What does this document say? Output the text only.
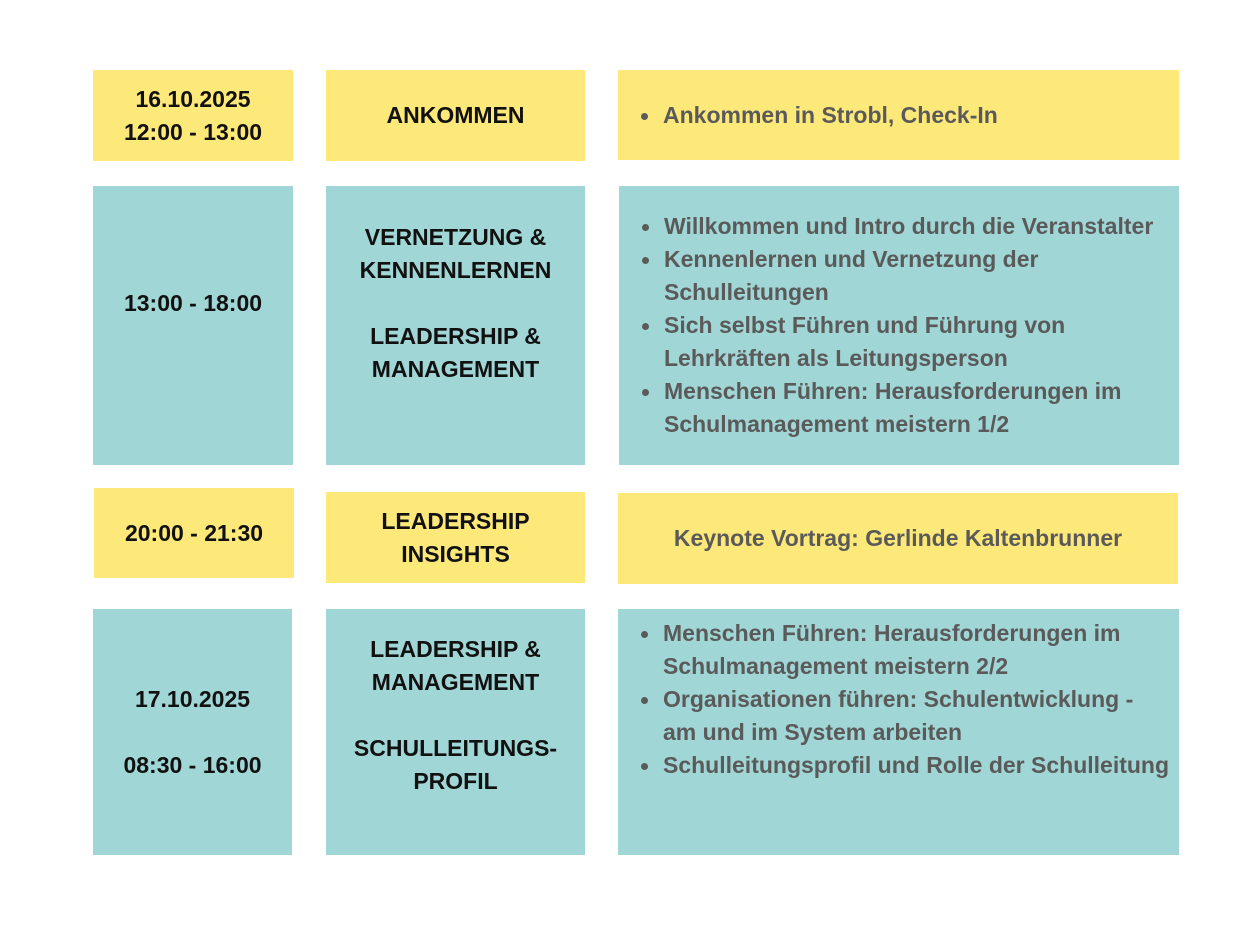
16.10.2025
12:00 - 13:00
ANKOMMEN	Ankommen in Strobl, Check-In
13:00 - 18:00
VERNETZUNG &
KENNENLERNEN
LEADERSHIP &
MANAGEMENT
Willkommen und Intro durch die Veranstalter
Kennenlernen und Vernetzung der Schulleitungen
Sich selbst Führen und Führung von Lehrkräften als Leitungsperson
Menschen Führen: Herausforderungen im Schulmanagement meistern 1/2
20:00 - 21:30	LEADERSHIP
INSIGHTS
Keynote Vortrag: Gerlinde Kaltenbrunner
17.10.2025
08:30 - 16:00
LEADERSHIP &
MANAGEMENT
SCHULLEITUNGS-
PROFIL
Menschen Führen: Herausforderungen im Schulmanagement meistern 2/2
Organisationen führen: Schulentwicklung - am und im System arbeiten
Schulleitungsprofil und Rolle der Schulleitung
